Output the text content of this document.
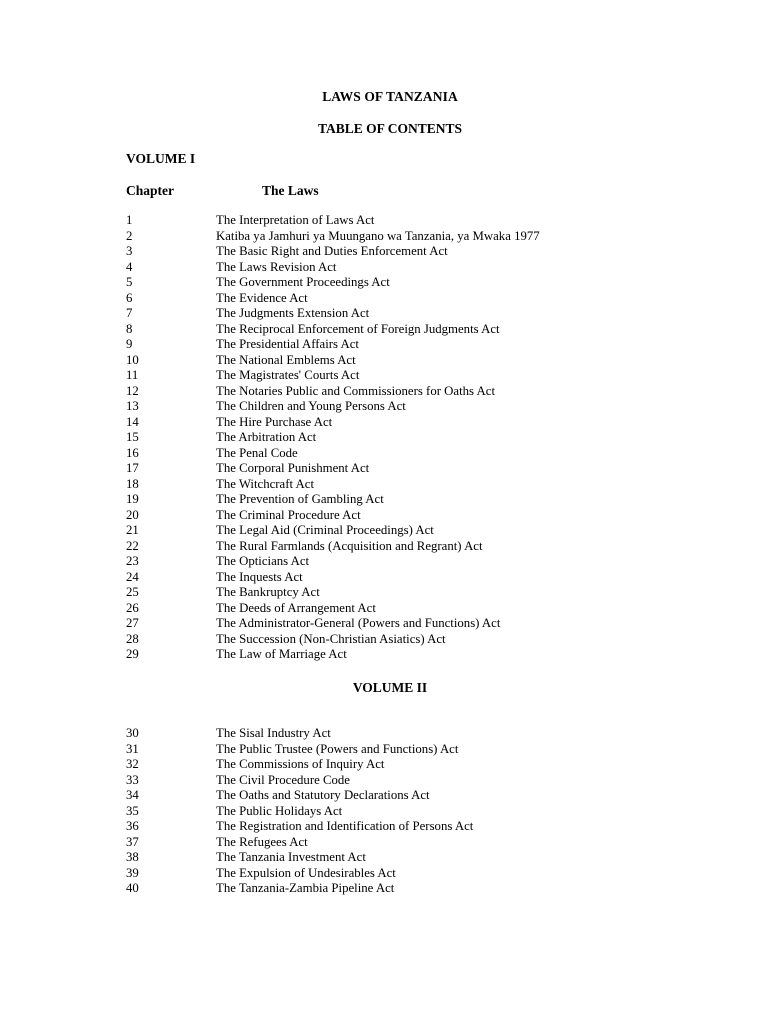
LAWS OF TANZANIA
TABLE OF CONTENTS
VOLUME I
Chapter	The Laws
1	The Interpretation of Laws Act
2	Katiba ya Jamhuri ya Muungano wa Tanzania, ya Mwaka 1977
3	The Basic Right and Duties Enforcement Act
4	The Laws Revision Act
5	The Government Proceedings Act
6	The Evidence Act
7	The Judgments Extension Act
8	The Reciprocal Enforcement of Foreign Judgments Act
9	The Presidential Affairs Act
10	The National Emblems Act
11	The Magistrates' Courts Act
12	The Notaries Public and Commissioners for Oaths Act
13	The Children and Young Persons Act
14	The Hire Purchase Act
15	The Arbitration Act
16	The Penal Code
17	The Corporal Punishment Act
18	The Witchcraft Act
19	The Prevention of Gambling Act
20	The Criminal Procedure Act
21	The Legal Aid (Criminal Proceedings) Act
22	The Rural Farmlands (Acquisition and Regrant) Act
23	The Opticians Act
24	The Inquests Act
25	The Bankruptcy Act
26	The Deeds of Arrangement Act
27	The Administrator-General (Powers and Functions) Act
28	The Succession (Non-Christian Asiatics) Act
29	The Law of Marriage Act
VOLUME II
30	The Sisal Industry Act
31	The Public Trustee (Powers and Functions) Act
32	The Commissions of Inquiry Act
33	The Civil Procedure Code
34	The Oaths and Statutory Declarations Act
35	The Public Holidays Act
36	The Registration and Identification of Persons Act
37	The Refugees Act
38	The Tanzania Investment Act
39	The Expulsion of Undesirables Act
40	The Tanzania-Zambia Pipeline Act
